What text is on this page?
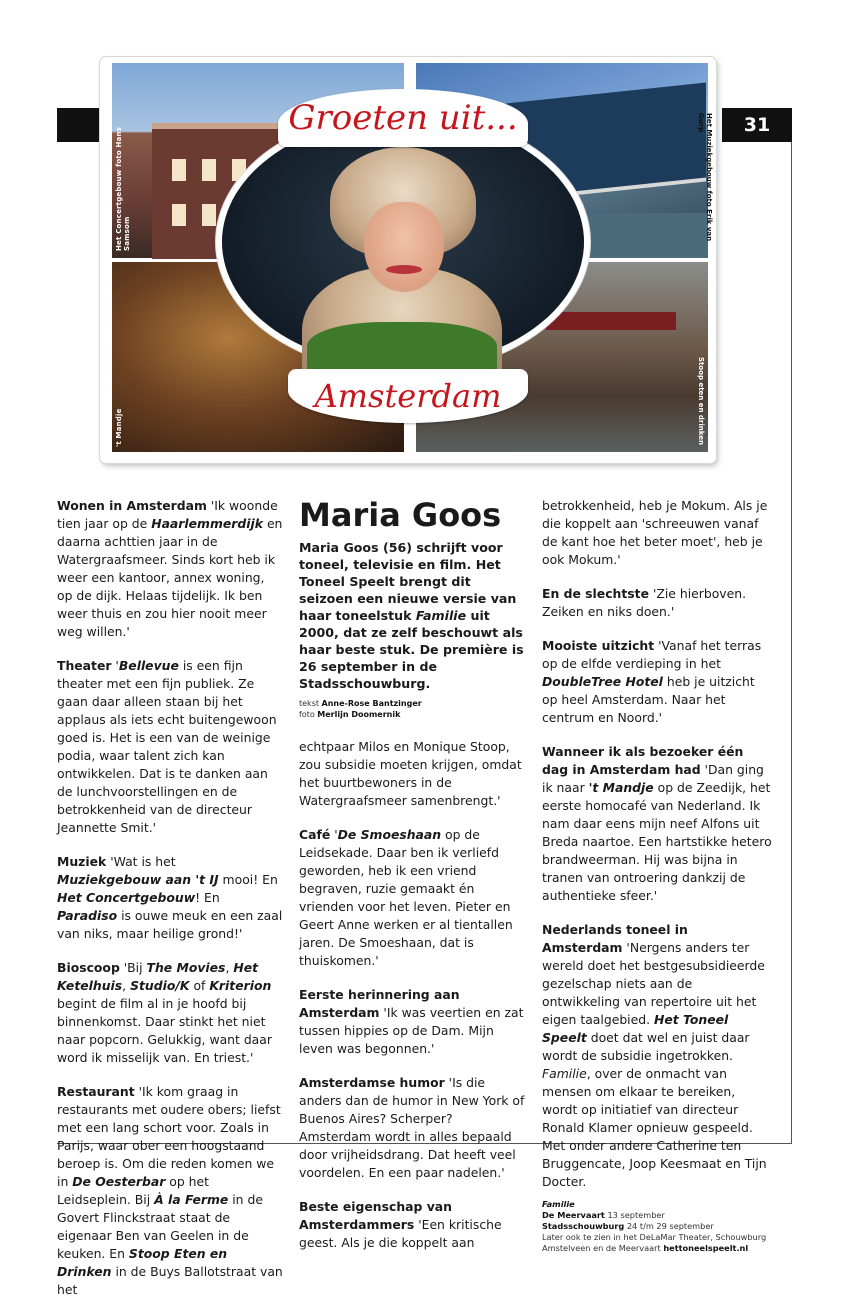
31
Het Concertgebouw foto Hans Samsom	Het Muziekgebouw foto Erik van Gurp
't Mandje	Stoop eten en drinken
Groeten uit...
Amsterdam

Wonen in Amsterdam 'Ik woonde tien jaar op de Haarlemmerdijk en daarna achttien jaar in de Watergraafsmeer. Sinds kort heb ik weer een kantoor, annex woning, op de dijk. Helaas tijdelijk. Ik ben weer thuis en zou hier nooit meer weg willen.'

Theater 'Bellevue is een fijn theater met een fijn publiek. Ze gaan daar alleen staan bij het applaus als iets echt buitengewoon goed is. Het is een van de weinige podia, waar talent zich kan ontwikkelen. Dat is te danken aan de lunchvoorstellingen en de betrokkenheid van de directeur Jeannette Smit.'

Muziek 'Wat is het Muziekgebouw aan 't IJ mooi! En Het Concertgebouw! En Paradiso is ouwe meuk en een zaal van niks, maar heilige grond!'

Bioscoop 'Bij The Movies, Het Ketelhuis, Studio/K of Kriterion begint de film al in je hoofd bij binnenkomst. Daar stinkt het niet naar popcorn. Gelukkig, want daar word ik misselijk van. En triest.'

Restaurant 'Ik kom graag in restaurants met oudere obers; liefst met een lang schort voor. Zoals in Parijs, waar ober een hoogstaand beroep is. Om die reden komen we in De Oesterbar op het Leidseplein. Bij À la Ferme in de Govert Flinckstraat staat de eigenaar Ben van Geelen in de keuken. En Stoop Eten en Drinken in de Buys Ballotstraat van het

Maria Goos
Maria Goos (56) schrijft voor toneel, televisie en film. Het Toneel Speelt brengt dit seizoen een nieuwe versie van haar toneelstuk Familie uit 2000, dat ze zelf beschouwt als haar beste stuk. De première is 26 september in de Stadsschouwburg.
tekst Anne-Rose Bantzinger
foto Merlijn Doomernik

echtpaar Milos en Monique Stoop, zou subsidie moeten krijgen, omdat het buurtbewoners in de Watergraafsmeer samenbrengt.'

Café 'De Smoeshaan op de Leidsekade. Daar ben ik verliefd geworden, heb ik een vriend begraven, ruzie gemaakt én vrienden voor het leven. Pieter en Geert Anne werken er al tientallen jaren. De Smoeshaan, dat is thuiskomen.'

Eerste herinnering aan Amsterdam 'Ik was veertien en zat tussen hippies op de Dam. Mijn leven was begonnen.'

Amsterdamse humor 'Is die anders dan de humor in New York of Buenos Aires? Scherper? Amsterdam wordt in alles bepaald door vrijheidsdrang. Dat heeft veel voordelen. En een paar nadelen.'

Beste eigenschap van Amsterdammers 'Een kritische geest. Als je die koppelt aan

betrokkenheid, heb je Mokum. Als je die koppelt aan 'schreeuwen vanaf de kant hoe het beter moet', heb je ook Mokum.'

En de slechtste 'Zie hierboven. Zeiken en niks doen.'

Mooiste uitzicht 'Vanaf het terras op de elfde verdieping in het DoubleTree Hotel heb je uitzicht op heel Amsterdam. Naar het centrum en Noord.'

Wanneer ik als bezoeker één dag in Amsterdam had 'Dan ging ik naar 't Mandje op de Zeedijk, het eerste homocafé van Nederland. Ik nam daar eens mijn neef Alfons uit Breda naartoe. Een hartstikke hetero brandweerman. Hij was bijna in tranen van ontroering dankzij de authentieke sfeer.'

Nederlands toneel in Amsterdam 'Nergens anders ter wereld doet het bestgesubsidieerde gezelschap niets aan de ontwikkeling van repertoire uit het eigen taalgebied. Het Toneel Speelt doet dat wel en juist daar wordt de subsidie ingetrokken. Familie, over de onmacht van mensen om elkaar te bereiken, wordt op initiatief van directeur Ronald Klamer opnieuw gespeeld. Met onder andere Catherine ten Bruggencate, Joop Keesmaat en Tijn Docter.

Familie
De Meervaart 13 september
Stadsschouwburg 24 t/m 29 september
Later ook te zien in het DeLaMar Theater, Schouwburg Amstelveen en de Meervaart hettoneelspeelt.nl
